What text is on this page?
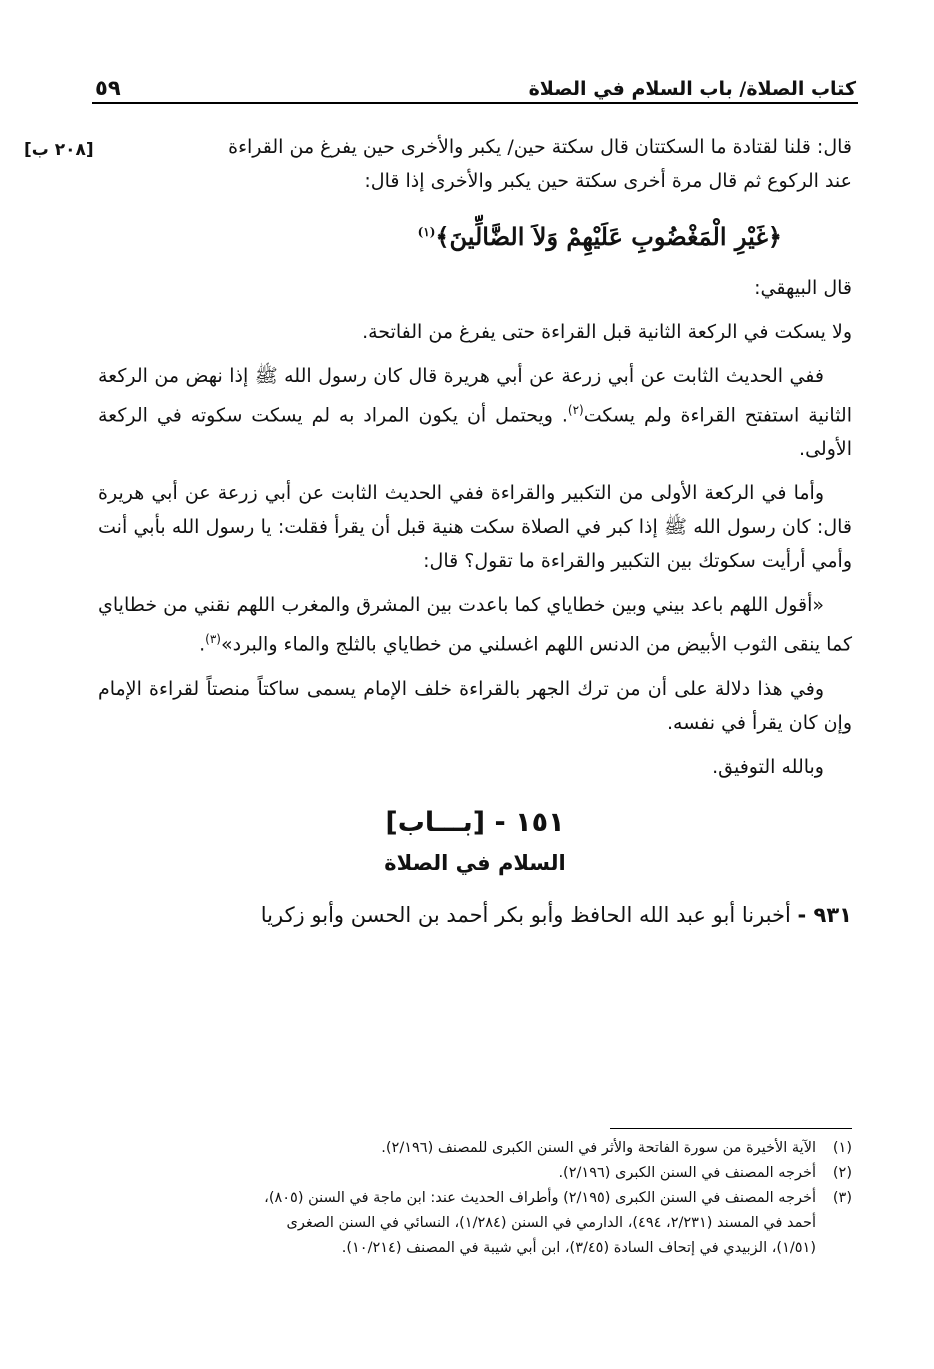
٥٩	كتاب الصلاة/ باب السلام في الصلاة
[٢٠٨ ب]	قال: قلنا لقتادة ما السكتتان قال سكتة حين/ يكبر والأخرى حين يفرغ من القراءة
عند الركوع ثم قال مرة أخرى سكتة حين يكبر والأخرى إذا قال:

﴿غَيْرِ الْمَغْضُوبِ عَلَيْهِمْ وَلاَ الضَّالِّينَ﴾$^{(١)}$

قال البيهقي:

ولا يسكت في الركعة الثانية قبل القراءة حتى يفرغ من الفاتحة.

ففي الحديث الثابت عن أبي زرعة عن أبي هريرة قال كان رسول الله ﷺ إذا نهض من الركعة الثانية استفتح القراءة ولم يسكت$^{(٢)}$. ويحتمل أن يكون المراد به لم يسكت سكوته في الركعة الأولى.

وأما في الركعة الأولى من التكبير والقراءة ففي الحديث الثابت عن أبي زرعة عن أبي هريرة قال: كان رسول الله ﷺ إذا كبر في الصلاة سكت هنية قبل أن يقرأ فقلت: يا رسول الله بأبي أنت وأمي أرأيت سكوتك بين التكبير والقراءة ما تقول؟ قال:

«أقول اللهم باعد بيني وبين خطاياي كما باعدت بين المشرق والمغرب اللهم نقني من خطاياي كما ينقى الثوب الأبيض من الدنس اللهم اغسلني من خطاياي بالثلج والماء والبرد»$^{(٣)}$.

وفي هذا دلالة على أن من ترك الجهر بالقراءة خلف الإمام يسمى ساكتاً منصتاً لقراءة الإمام وإن كان يقرأ في نفسه.

وبالله التوفيق.

١٥١ - [بـــاب]
السلام في الصلاة

٩٣١ - أخبرنا أبو عبد الله الحافظ وأبو بكر أحمد بن الحسن وأبو زكريا

(١)الآية الأخيرة من سورة الفاتحة والأثر في السنن الكبرى للمصنف (٢/١٩٦).

(٢)أخرجه المصنف في السنن الكبرى (٢/١٩٦).

(٣)أخرجه المصنف في السنن الكبرى (٢/١٩٥) وأطراف الحديث عند: ابن ماجة في السنن (٨٠٥)،

أحمد في المسند (٢/٢٣١، ٤٩٤)، الدارمي في السنن (١/٢٨٤)، النسائي في السنن الصغرى

(١/٥١)، الزبيدي في إتحاف السادة (٣/٤٥)، ابن أبي شيبة في المصنف (١٠/٢١٤).
